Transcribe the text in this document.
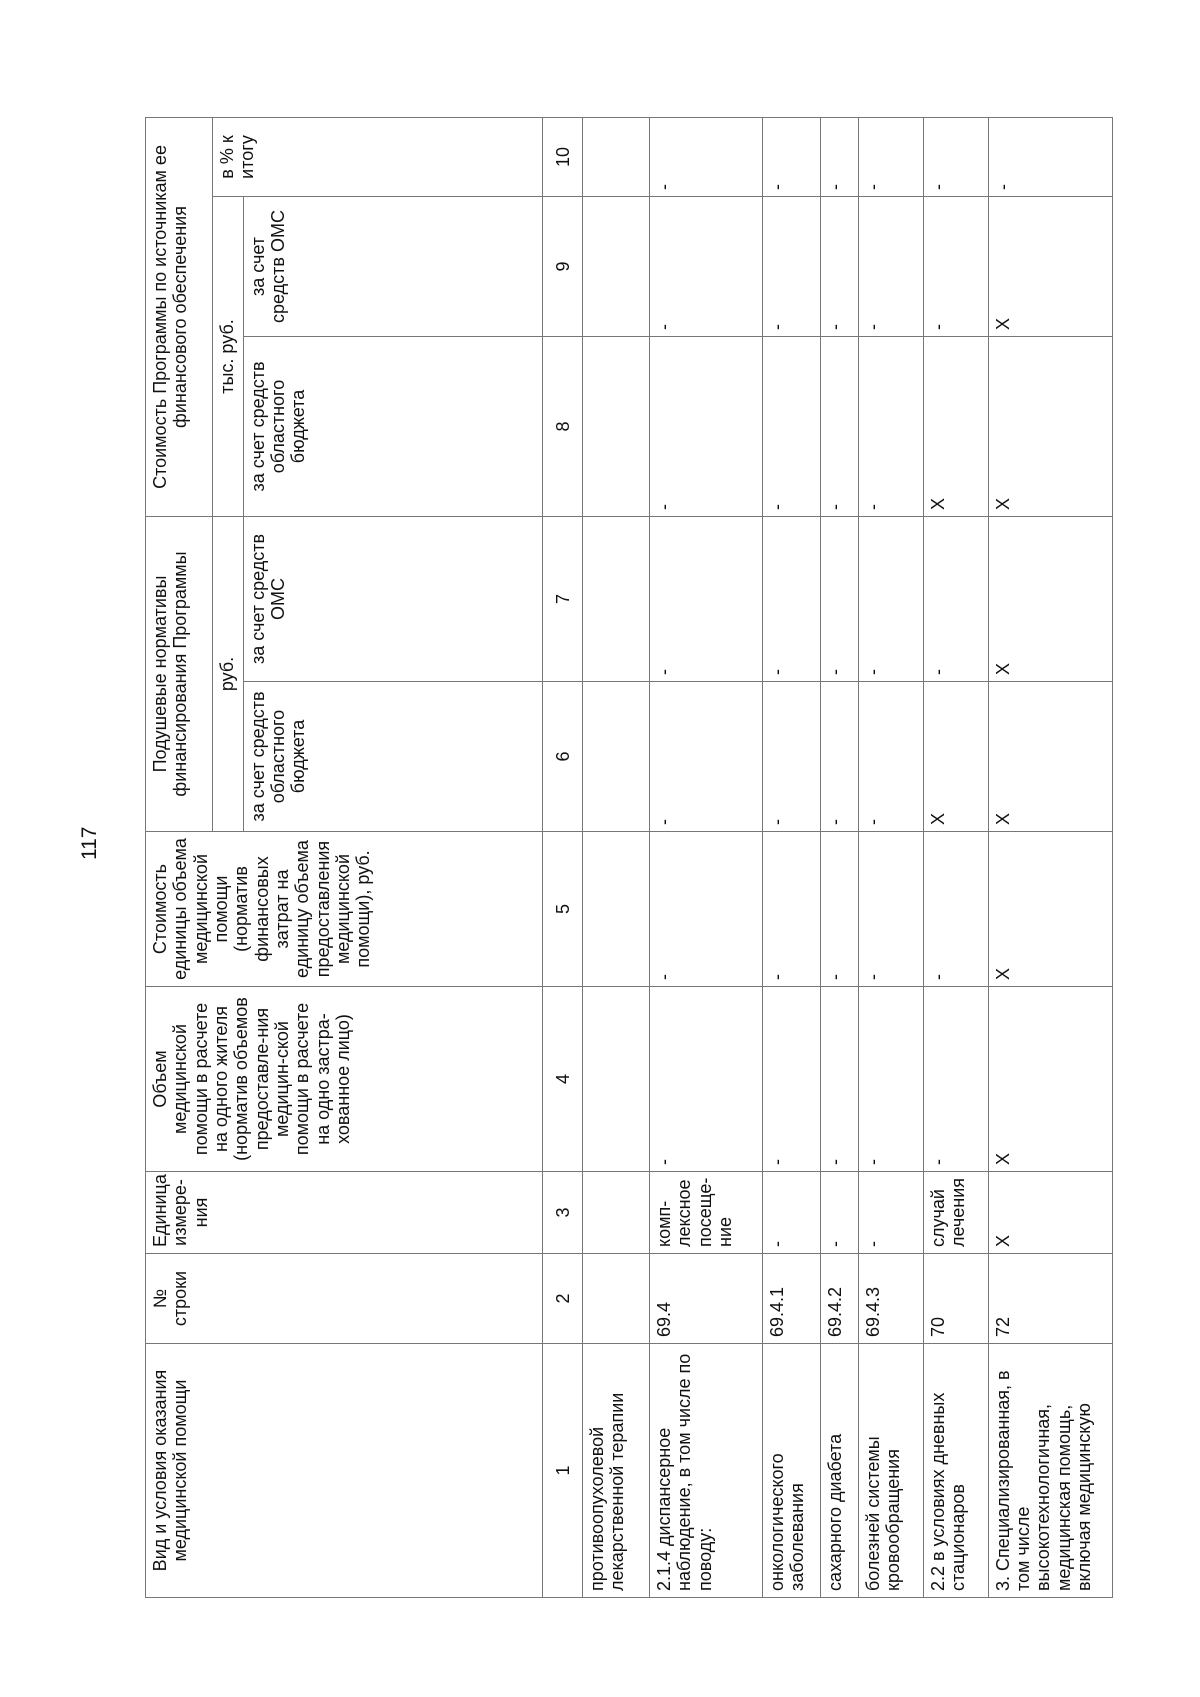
117
Вид и условия оказания медицинской помощи	№ строки	Единица измере-ния	Объем медицинской помощи в расчете на одного жителя (норматив объемов предоставле-ния медицин-ской помощи в расчете на одно застра-хованное лицо)	Стоимость единицы объема медицинской помощи (норматив финансовых затрат на единицу объема предоставления медицинской помощи), руб.	Подушевые нормативы финансирования Программы		Стоимость Программы по источникам ее финансового обеспечения		
					руб.		тыс. руб.		в % к итогу
					за счет средств областного бюджета	за счет средств ОМС	за счет средств областного бюджета	за счет средств ОМС	
1	2	3	4	5	6	7	8	9	10
противоопухолевой лекарственной терапии									
2.1.4 диспансерное наблюдение, в том числе по поводу:	69.4	комп-лексное посеще-ние	-	-	-	-	-	-	-
онкологического заболевания	69.4.1	-	-	-	-	-	-	-	-
сахарного диабета	69.4.2	-	-	-	-	-	-	-	-
болезней системы кровообращения	69.4.3	-	-	-	-	-	-	-	-
2.2 в условиях дневных стационаров	70	случай лечения	-	-	Х	-	Х	-	-
3. Специализированная, в том числе высокотехнологичная, медицинская помощь, включая медицинскую	72	Х	Х	Х	Х	Х	Х	Х	-
